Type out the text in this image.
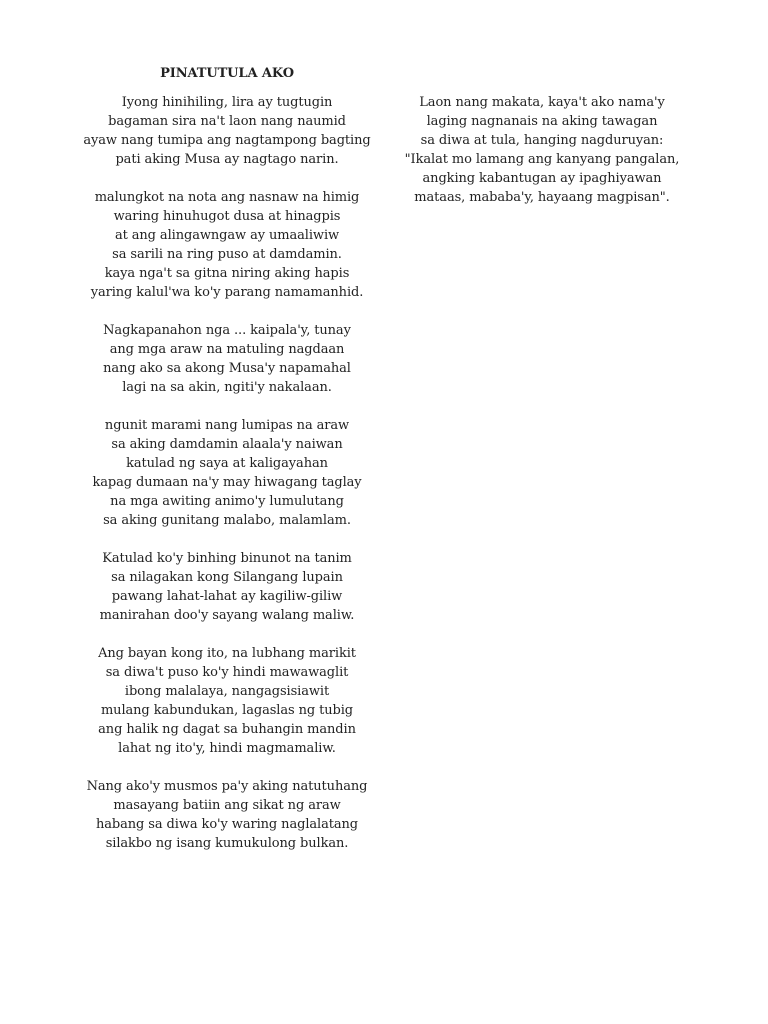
PINATUTULA AKO
Iyong hinihiling, lira ay tugtugin
bagaman sira na't laon nang naumid
ayaw nang tumipa ang nagtampong bagting
pati aking Musa ay nagtago narin.
malungkot na nota ang nasnaw na himig
waring hinuhugot dusa at hinagpis
at ang alingawngaw ay umaaliwiw
sa sarili na ring puso at damdamin.
kaya nga't sa gitna niring aking hapis
yaring kalul'wa ko'y parang namamanhid.
Nagkapanahon nga ... kaipala'y, tunay
ang mga araw na matuling nagdaan
nang ako sa akong Musa'y napamahal
lagi na sa akin, ngiti'y nakalaan.
ngunit marami nang lumipas na araw
sa aking damdamin alaala'y naiwan
katulad ng saya at kaligayahan
kapag dumaan na'y may hiwagang taglay
na mga awiting animo'y lumulutang
sa aking gunitang malabo, malamlam.
Katulad ko'y binhing binunot na tanim
sa nilagakan kong Silangang lupain
pawang lahat-lahat ay kagiliw-giliw
manirahan doo'y sayang walang maliw.
Ang bayan kong ito, na lubhang marikit
sa diwa't puso ko'y hindi mawawaglit
ibong malalaya, nangagsisiawit
mulang kabundukan, lagaslas ng tubig
ang halik ng dagat sa buhangin mandin
lahat ng ito'y, hindi magmamaliw.
Nang ako'y musmos pa'y aking natutuhang
masayang batiin ang sikat ng araw
habang sa diwa ko'y waring naglalatang
silakbo ng isang kumukulong bulkan.
Laon nang makata, kaya't ako nama'y
laging nagnanais na aking tawagan
sa diwa at tula, hanging nagduruyan:
"Ikalat mo lamang ang kanyang pangalan,
angking kabantugan ay ipaghiyawan
mataas, mababa'y, hayaang magpisan".
